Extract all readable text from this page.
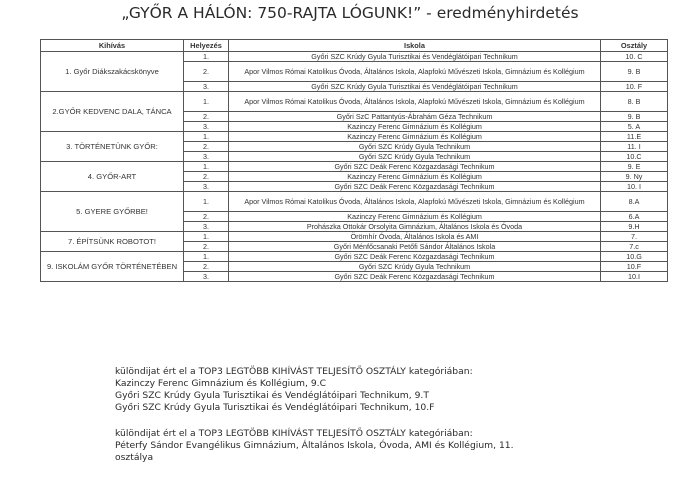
„GYŐR A HÁLÓN: 750-RAJTA LÓGUNK!” - eredményhirdetés
Kihívás	Helyezés	Iskola	Osztály
1. Győr Diákszakácskönyve	1.	Győri SZC Krúdy Gyula Turisztikai és Vendéglátóipari Technikum	10. C
	2.	Apor Vilmos Római Katolikus Óvoda, Általános Iskola, Alapfokú Művészeti Iskola, Gimnázium és Kollégium	9. B
	3.	Győri SZC Krúdy Gyula Turisztikai és Vendéglátóipari Technikum	10. F
2.GYŐR KEDVENC DALA, TÁNCA	1.	Apor Vilmos Római Katolikus Óvoda, Általános Iskola, Alapfokú Művészeti Iskola, Gimnázium és Kollégium	8. B
	2.	Győri SzC Pattantyús-Ábrahám Géza Technikum	9. B
	3.	Kazinczy Ferenc Gimnázium és Kollégium	5. A
3. TÖRTÉNETÜNK GYŐR:	1.	Kazinczy Ferenc Gimnázium és Kollégium	11.E
	2.	Győri SZC Krúdy Gyula Technikum	11. I
	3.	Győri SZC Krúdy Gyula Technikum	10.C
4. GYŐR-ART	1.	Győri SZC Deák Ferenc Közgazdasági Technikum	9. E
	2.	Kazinczy Ferenc Gimnázium és Kollégium	9. Ny
	3.	Győri SZC Deák Ferenc Közgazdasági Technikum	10. I
5. GYERE GYŐRBE!	1.	Apor Vilmos Római Katolikus Óvoda, Általános Iskola, Alapfokú Művészeti Iskola, Gimnázium és Kollégium	8.A
	2.	Kazinczy Ferenc Gimnázium és Kollégium	6.A
	3.	Prohászka Ottokár Orsolyita Gimnázium, Általános Iskola és Óvoda	9.H
7. ÉPÍTSÜNK ROBOTOT!	1.	Örömhír Óvoda, Általános Iskola és AMI	7.
	2.	Győri Ménfőcsanaki Petőfi Sándor Általános Iskola	7.c
9. ISKOLÁM GYŐR TÖRTÉNETÉBEN	1.	Győri SZC Deák Ferenc Közgazdasági Technikum	10.G
	2.	Győri SZC Krúdy Gyula Technikum	10.F
	3.	Győri SZC Deák Ferenc Közgazdasági Technikum	10.I
különdijat ért el a TOP3 LEGTÖBB KIHÍVÁST TELJESÍTŐ OSZTÁLY kategóriában:
Kazinczy Ferenc Gimnázium és Kollégium, 9.C
Győri SZC Krúdy Gyula Turisztikai és Vendéglátóipari Technikum, 9.T
Győri SZC Krúdy Gyula Turisztikai és Vendéglátóipari Technikum, 10.F
különdijat ért el a TOP3 LEGTÖBB KIHÍVÁST TELJESÍTŐ OSZTÁLY kategóriában:
Péterfy Sándor Evangélikus Gimnázium, Általános Iskola, Óvoda, AMI és Kollégium, 11.
osztálya
